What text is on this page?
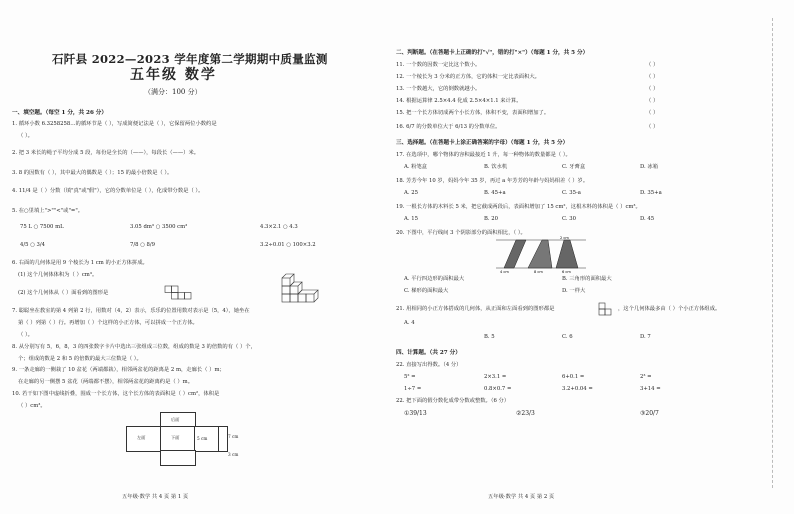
石阡县 2022—2023 学年度第二学期期中质量监测
五年级 数学
（满分：100 分）
一、填空题。（每空 1 分，共 26 分）
1. 循环小数 6.3258258…的循环节是（ ），写成简便记法是（ ），它保留两位小数约是
（ ）。
2. 把 3 米长的绳子平均分成 5 段，每份是全长的（——），每段长（——）米。
3. 8 的因数有（ ），其中最大的偶数是（ ）；15 的最小倍数是（ ）。
4. 11/4 是（ ）分数（填"真"或"假"），它的分数单位是（ ），化成带分数是（ ）。
5. 在○里填上">""<"或"="。
75 L ○ 7500 mL	3.05 dm³ ○ 3500 cm³	4.3×2.1 ○ 4.3
4/5 ○ 3/4	7/8 ○ 8/9	3.2÷0.01 ○ 100×3.2
6. 右面的几何体是用 9 个棱长为 1 cm 的小正方体拼成。
(1) 这个几何体体积为（ ）cm³。
(2) 这个几何体从（ ）面看到的图形是
7. 聪聪坐在教室的第 4 列第 2 行，用数对（4，2）表示，乐乐的位置用数对表示是（5，4），她坐在
第（ ）列第（ ）行。再增加（ ）个这样的小正方体，可以拼成一个正方体。
（ ）。
8. 从分别写有 5，6，8，3 的四张数字卡片中选出三张组成三位数，组成的数是 3 的倍数的有（ ）个，
个；组成的数是 2 和 5 的倍数的最大三位数是（ ）。
9. 一条走廊的一侧栽了 10 盆花（两端都栽），相邻两盆花的距离是 2 m，走廊长（ ）m；
在走廊的另一侧摆 5 盆花（两端都不摆），相邻两盆花的距离约是（ ）m。
10. 若干如下图中虚线折叠，围成一个长方体，这个长方体的表面积是（ ）cm²，体积是
（ ）cm³。
后面
左面	下面	5 cm	7 cm
3 cm
五年级·数学 共 4 页 第 1 页
二、判断题。（在答题卡上正确的打"√"，错的打"×"）（每题 1 分，共 5 分）
11. 一个数的因数一定比这个数小。	（ ）
12. 一个棱长为 3 分米的正方体，它的体积一定比表面积大。	（ ）
13. 一个数越大，它的倒数就越小。	（ ）
14. 根据运算律 2.5×4.4 化成 2.5×4×1.1 来计算。	（ ）
15. 把一个长方体切成两个小长方体，体积不变，表面积增加了。	（ ）
16. 6/7 的分数单位大于 6/13 的分数单位。	（ ）
三、选择题。（在答题卡上涂正确答案的字母）（每题 1 分，共 5 分）
17. 在选项中，哪个物体的容积最接近 1 升，每一种物体的数量都是（ ）。
A. 粉笔盒	B. 饮水机	C. 牙膏盒	D. 冰箱
18. 芳芳今年 10 岁，妈妈今年 35 岁，再过 a 年芳芳的年龄与妈妈相差（ ）岁。
A. 25	B. 45+a	C. 35-a	D. 35+a
19. 一根长方体的木料长 5 米，把它截成两段后，表面积增加了 15 cm²，这根木料的体积是（ ）cm³。
A. 15	B. 20	C. 30	D. 45
20. 下图中，平行线间 3 个阴影部分的面积相比，（ ）。
4 cm	8 cm	6 cm
2 cm
A. 平行四边形的面积最大	B. 三角形的面积最大
C. 梯形的面积最大	D. 一样大
21. 用相同的小正方体搭成的几何体，从正面和左面看到的图形都是	，这个几何体最多由（ ）个小正方体组成。
A. 4
B. 5	C. 6	D. 7
四、计算题。（共 27 分）
22. 直接写出得数。（4 分）
5² =	2×3.1 =	6+0.1 =	2³ =
1÷7 =	0.8×0.7 =	3.2+0.04 =	3+14 =
22. 把下面的假分数化成带分数或整数。（6 分）
①39/13	②23/3	③20/7
五年级·数学 共 4 页 第 2 页
